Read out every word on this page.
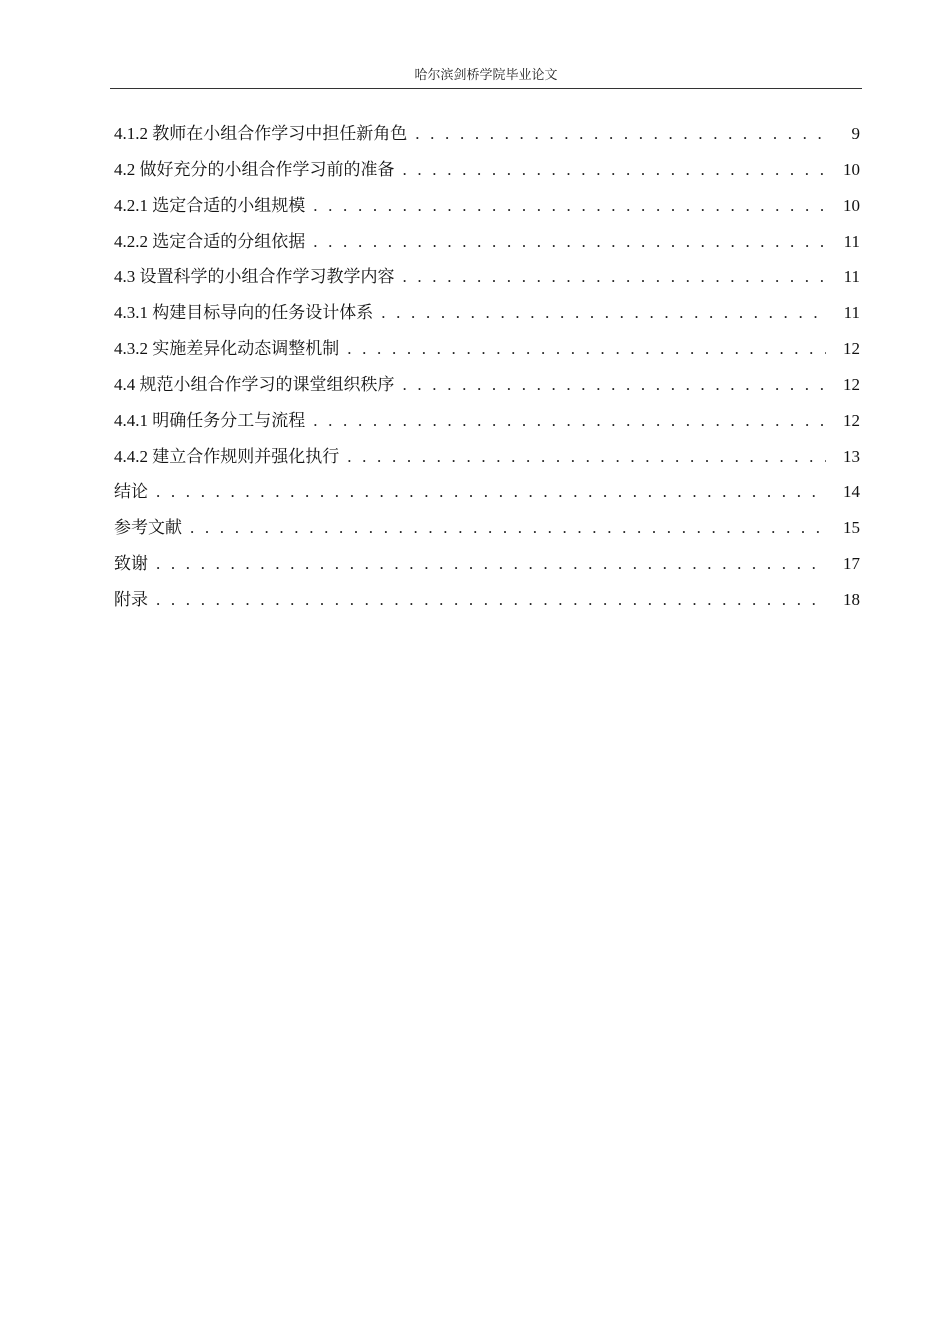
哈尔滨剑桥学院毕业论文
4.1.2 教师在小组合作学习中担任新角色 . . .	9
4.2 做好充分的小组合作学习前的准备 . . .	10
4.2.1 选定合适的小组规模 . . .	10
4.2.2 选定合适的分组依据 . . .	11
4.3 设置科学的小组合作学习教学内容 . . .	11
4.3.1 构建目标导向的任务设计体系 . . .	11
4.3.2 实施差异化动态调整机制 . . .	12
4.4 规范小组合作学习的课堂组织秩序 . . .	12
4.4.1 明确任务分工与流程 . . .	12
4.4.2 建立合作规则并强化执行 . . .	13
结论 . . .	14
参考文献 . . .	15
致谢 . . .	17
附录 . . .	18
